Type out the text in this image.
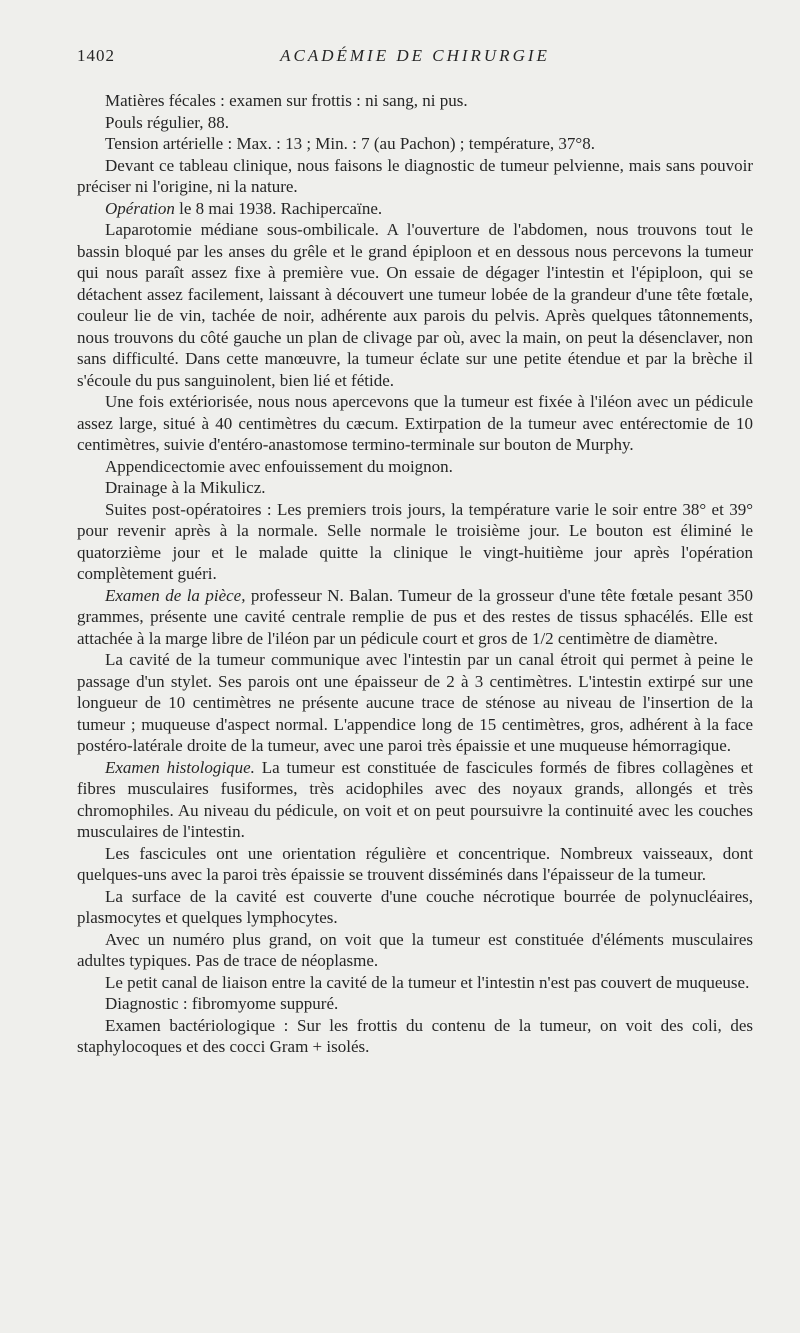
1402	ACADÉMIE DE CHIRURGIE

Matières fécales : examen sur frottis : ni sang, ni pus.

Pouls régulier, 88.

Tension artérielle : Max. : 13 ; Min. : 7 (au Pachon) ; température, 37°8.

Devant ce tableau clinique, nous faisons le diagnostic de tumeur pelvienne, mais sans pouvoir préciser ni l'origine, ni la nature.

Opération le 8 mai 1938. Rachipercaïne.

Laparotomie médiane sous-ombilicale. A l'ouverture de l'abdomen, nous trouvons tout le bassin bloqué par les anses du grêle et le grand épiploon et en dessous nous percevons la tumeur qui nous paraît assez fixe à première vue. On essaie de dégager l'intestin et l'épiploon, qui se détachent assez facilement, laissant à découvert une tumeur lobée de la grandeur d'une tête fœtale, couleur lie de vin, tachée de noir, adhérente aux parois du pelvis. Après quelques tâtonnements, nous trouvons du côté gauche un plan de clivage par où, avec la main, on peut la désenclaver, non sans difficulté. Dans cette manœuvre, la tumeur éclate sur une petite étendue et par la brèche il s'écoule du pus sanguinolent, bien lié et fétide.

Une fois extériorisée, nous nous apercevons que la tumeur est fixée à l'iléon avec un pédicule assez large, situé à 40 centimètres du cæcum. Extirpation de la tumeur avec entérectomie de 10 centimètres, suivie d'entéro-anastomose termino-terminale sur bouton de Murphy.

Appendicectomie avec enfouissement du moignon.

Drainage à la Mikulicz.

Suites post-opératoires : Les premiers trois jours, la température varie le soir entre 38° et 39° pour revenir après à la normale. Selle normale le troisième jour. Le bouton est éliminé le quatorzième jour et le malade quitte la clinique le vingt-huitième jour après l'opération complètement guéri.

Examen de la pièce, professeur N. Balan. Tumeur de la grosseur d'une tête fœtale pesant 350 grammes, présente une cavité centrale remplie de pus et des restes de tissus sphacélés. Elle est attachée à la marge libre de l'iléon par un pédicule court et gros de 1/2 centimètre de diamètre.

La cavité de la tumeur communique avec l'intestin par un canal étroit qui permet à peine le passage d'un stylet. Ses parois ont une épaisseur de 2 à 3 centimètres. L'intestin extirpé sur une longueur de 10 centimètres ne présente aucune trace de sténose au niveau de l'insertion de la tumeur ; muqueuse d'aspect normal. L'appendice long de 15 centimètres, gros, adhérent à la face postéro-latérale droite de la tumeur, avec une paroi très épaissie et une muqueuse hémorragique.

Examen histologique. La tumeur est constituée de fascicules formés de fibres collagènes et fibres musculaires fusiformes, très acidophiles avec des noyaux grands, allongés et très chromophiles. Au niveau du pédicule, on voit et on peut poursuivre la continuité avec les couches musculaires de l'intestin.

Les fascicules ont une orientation régulière et concentrique. Nombreux vaisseaux, dont quelques-uns avec la paroi très épaissie se trouvent disséminés dans l'épaisseur de la tumeur.

La surface de la cavité est couverte d'une couche nécrotique bourrée de polynucléaires, plasmocytes et quelques lymphocytes.

Avec un numéro plus grand, on voit que la tumeur est constituée d'éléments musculaires adultes typiques. Pas de trace de néoplasme.

Le petit canal de liaison entre la cavité de la tumeur et l'intestin n'est pas couvert de muqueuse.

Diagnostic : fibromyome suppuré.

Examen bactériologique : Sur les frottis du contenu de la tumeur, on voit des coli, des staphylocoques et des cocci Gram + isolés.
